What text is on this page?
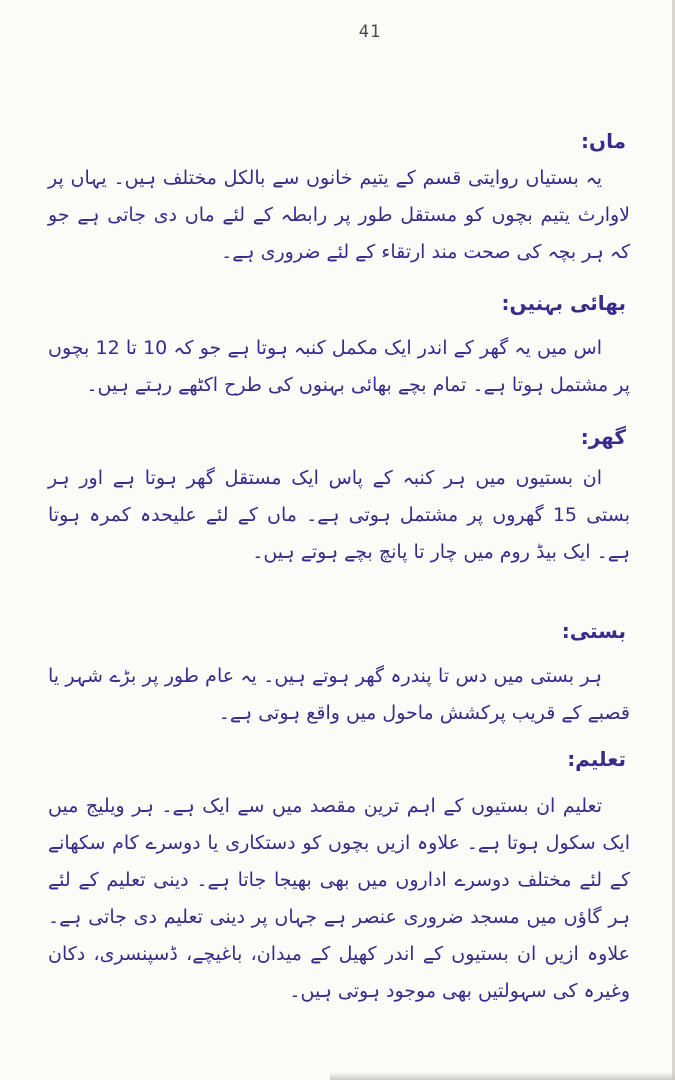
41

ماں:

یہ بستیاں روایتی قسم کے یتیم خانوں سے بالکل مختلف ہیں۔ یہاں پر لاوارث یتیم بچوں کو مستقل طور پر رابطہ کے لئے ماں دی جاتی ہے جو کہ ہر بچہ کی صحت مند ارتقاء کے لئے ضروری ہے۔

بھائی بہنیں:

اس میں یہ گھر کے اندر ایک مکمل کنبہ ہوتا ہے جو کہ 10 تا 12 بچوں پر مشتمل ہوتا ہے۔ تمام بچے بھائی بہنوں کی طرح اکٹھے رہتے ہیں۔

گھر:

ان بستیوں میں ہر کنبہ کے پاس ایک مستقل گھر ہوتا ہے اور ہر بستی 15 گھروں پر مشتمل ہوتی ہے۔ ماں کے لئے علیحدہ کمرہ ہوتا ہے۔ ایک بیڈ روم میں چار تا پانچ بچے ہوتے ہیں۔

بستی:

ہر بستی میں دس تا پندرہ گھر ہوتے ہیں۔ یہ عام طور پر بڑے شہر یا قصبے کے قریب پرکشش ماحول میں واقع ہوتی ہے۔

تعلیم:

تعلیم ان بستیوں کے اہم ترین مقصد میں سے ایک ہے۔ ہر ویلیج میں ایک سکول ہوتا ہے۔ علاوہ ازیں بچوں کو دستکاری یا دوسرے کام سکھانے کے لئے مختلف دوسرے اداروں میں بھی بھیجا جاتا ہے۔ دینی تعلیم کے لئے ہر گاؤں میں مسجد ضروری عنصر ہے جہاں پر دینی تعلیم دی جاتی ہے۔ علاوہ ازیں ان بستیوں کے اندر کھیل کے میدان، باغیچے، ڈسپنسری، دکان وغیرہ کی سہولتیں بھی موجود ہوتی ہیں۔
